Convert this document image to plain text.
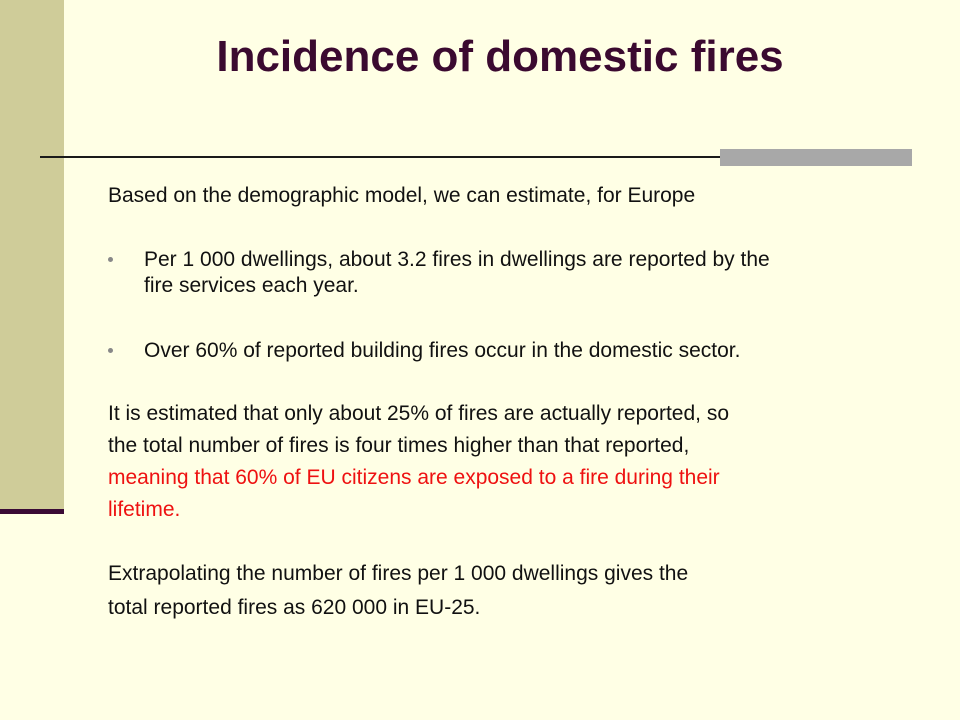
Incidence of domestic fires
Based on the demographic model, we can estimate, for Europe
Per 1 000 dwellings, about 3.2 fires in dwellings are reported by the
fire services each year.
Over 60% of reported building fires occur in the domestic sector.
It is estimated that only about 25% of fires are actually reported, so
the total number of fires is four times higher than that reported,
meaning that 60% of EU citizens are exposed to a fire during their
lifetime.
Extrapolating the number of fires per 1 000 dwellings gives the
total reported fires as 620 000 in EU-25.
